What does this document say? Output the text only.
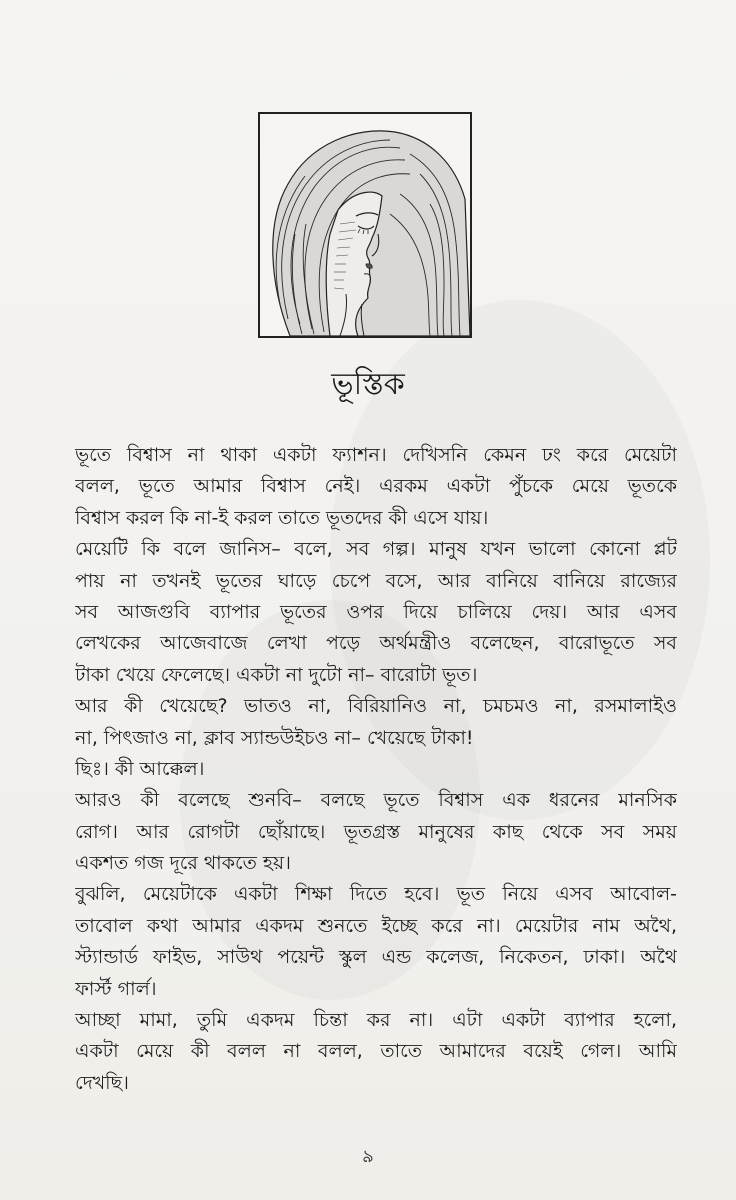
ভূস্তিক
ভূতে বিশ্বাস না থাকা একটা ফ্যাশন। দেখিসনি কেমন ঢং করে মেয়েটা
বলল, ভূতে আমার বিশ্বাস নেই। এরকম একটা পুঁচকে মেয়ে ভূতকে
বিশ্বাস করল কি না-ই করল তাতে ভূতদের কী এসে যায়।
মেয়েটি কি বলে জানিস– বলে, সব গল্প। মানুষ যখন ভালো কোনো প্লট
পায় না তখনই ভূতের ঘাড়ে চেপে বসে, আর বানিয়ে বানিয়ে রাজ্যের
সব আজগুবি ব্যাপার ভূতের ওপর দিয়ে চালিয়ে দেয়। আর এসব
লেখকের আজেবাজে লেখা পড়ে অর্থমন্ত্রীও বলেছেন, বারোভূতে সব
টাকা খেয়ে ফেলেছে। একটা না দুটো না– বারোটা ভূত।
আর কী খেয়েছে? ভাতও না, বিরিয়ানিও না, চমচমও না, রসমালাইও
না, পিৎজাও না, ক্লাব স্যান্ডউইচও না– খেয়েছে টাকা!
ছিঃ। কী আক্কেল।
আরও কী বলেছে শুনবি– বলছে ভূতে বিশ্বাস এক ধরনের মানসিক
রোগ। আর রোগটা ছোঁয়াছে। ভূতগ্রস্ত মানুষের কাছ থেকে সব সময়
একশত গজ দূরে থাকতে হয়।
বুঝলি, মেয়েটাকে একটা শিক্ষা দিতে হবে। ভূত নিয়ে এসব আবোল-
তাবোল কথা আমার একদম শুনতে ইচ্ছে করে না। মেয়েটার নাম অথৈ,
স্ট্যান্ডার্ড ফাইভ, সাউথ পয়েন্ট স্কুল এন্ড কলেজ, নিকেতন, ঢাকা। অথৈ
ফার্স্ট গার্ল।
আচ্ছা মামা, তুমি একদম চিন্তা কর না। এটা একটা ব্যাপার হলো,
একটা মেয়ে কী বলল না বলল, তাতে আমাদের বয়েই গেল। আমি
দেখছি।
৯
